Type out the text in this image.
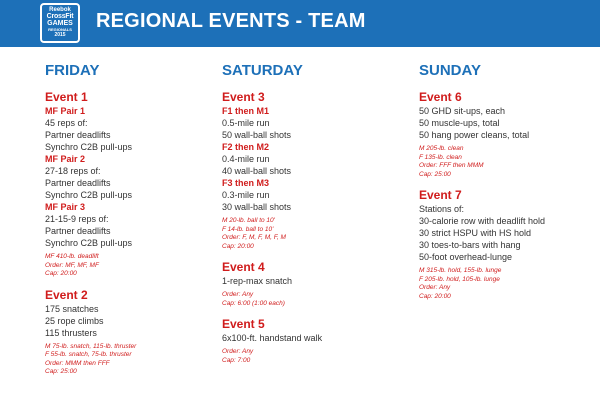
Reebok
CrossFit
GAMES
REGIONALS
2015
REGIONAL EVENTS - TEAM
FRIDAY
Event 1
MF Pair 1
45 reps of:
Partner deadlifts
Synchro C2B pull-ups
MF Pair 2
27-18 reps of:
Partner deadlifts
Synchro C2B pull-ups
MF Pair 3
21-15-9 reps of:
Partner deadlifts
Synchro C2B pull-ups
MF 410-lb. deadlift
Order: MF, MF, MF
Cap: 20:00
Event 2
175 snatches
25 rope climbs
115 thrusters
M 75-lb. snatch, 115-lb. thruster
F 55-lb. snatch, 75-lb. thruster
Order: MMM then FFF
Cap: 25:00
SATURDAY
Event 3
F1 then M1
0.5-mile run
50 wall-ball shots
F2 then M2
0.4-mile run
40 wall-ball shots
F3 then M3
0.3-mile run
30 wall-ball shots
M 20-lb. ball to 10'
F 14-lb. ball to 10'
Order: F, M, F, M, F, M
Cap: 20:00
Event 4
1-rep-max snatch
Order: Any
Cap: 6:00 (1:00 each)
Event 5
6x100-ft. handstand walk
Order: Any
Cap: 7:00
SUNDAY
Event 6
50 GHD sit-ups, each
50 muscle-ups, total
50 hang power cleans, total
M 205-lb. clean
F 135-lb. clean
Order: FFF then MMM
Cap: 25:00
Event 7
Stations of:
30-calorie row with deadlift hold
30 strict HSPU with HS hold
30 toes-to-bars with hang
50-foot overhead-lunge
M 315-lb. hold, 155-lb. lunge
F 205-lb. hold, 105-lb. lunge
Order: Any
Cap: 20:00
